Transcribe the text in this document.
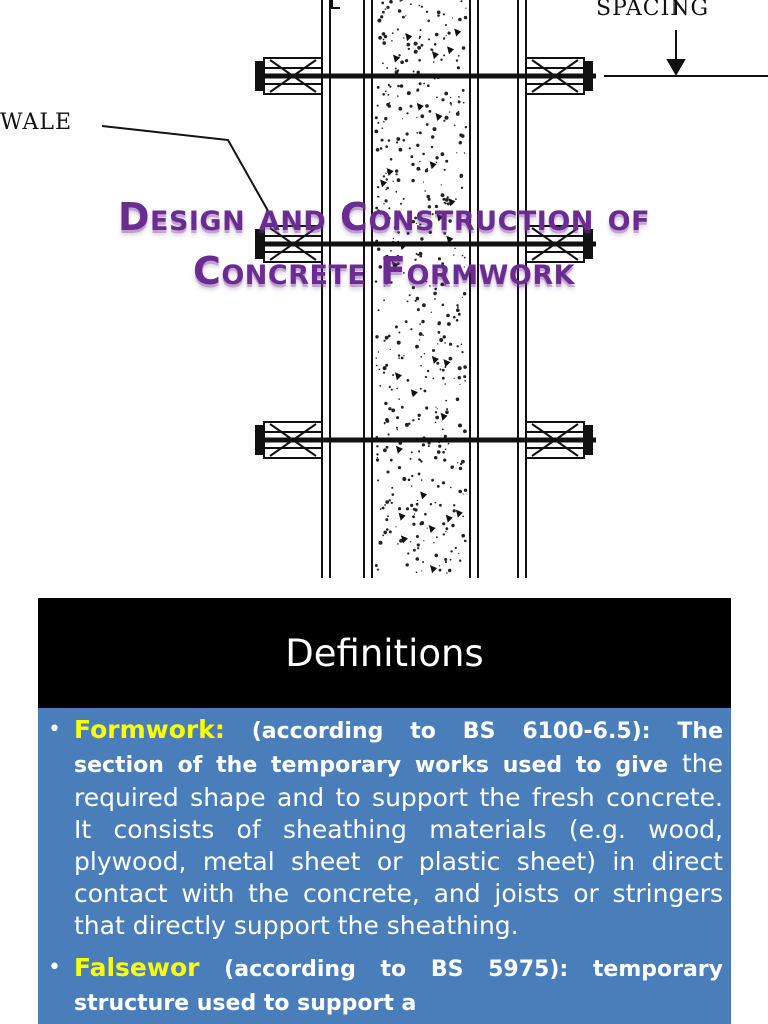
WALE
SPACING
Design and Construction of
Concrete Formwork
Definitions
• Formwork: (according to BS 6100-6.5): The section of the temporary works used to give the required shape and to support the fresh concrete. It consists of sheathing materials (e.g. wood, plywood, metal sheet or plastic sheet) in direct contact with the concrete, and joists or stringers that directly support the sheathing.
• Falsewor (according to BS 5975): temporary structure used to support a
